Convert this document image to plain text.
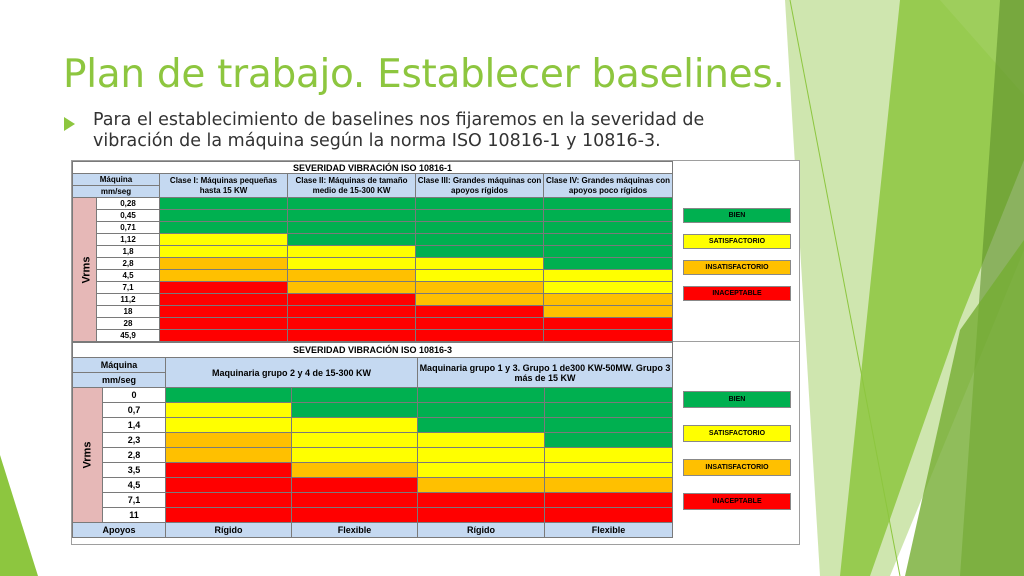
Plan de trabajo. Establecer baselines.
Para el establecimiento de baselines nos fijaremos en la severidad de vibración de la máquina según la norma ISO 10816-1 y 10816-3.
SEVERIDAD VIBRACIÓN ISO 10816-1					
Máquina		Clase I: Máquinas pequeñas hasta 15 KW	Clase II: Máquinas de tamaño medio de 15-300 KW	Clase III: Grandes máquinas con apoyos rígidos	Clase IV: Grandes máquinas con apoyos poco rígidos
mm/seg					
Vrms	0,28				
	0,45				
	0,71				
	1,12				
	1,8				
	2,8				
	4,5				
	7,1				
	11,2				
	18				
	28				
	45,9				
SEVERIDAD VIBRACIÓN ISO 10816-3					
Máquina		Maquinaria grupo 2 y 4 de 15-300 KW		Maquinaria grupo 1 y 3. Grupo 1 de300 KW-50MW. Grupo 3 más de 15 KW	
mm/seg					
Vrms	0				
	0,7				
	1,4				
	2,3				
	2,8				
	3,5				
	4,5				
	7,1				
	11				
Apoyos		Rígido	Flexible	Rígido	Flexible
BIEN
SATISFACTORIO
INSATISFACTORIO
INACEPTABLE
BIEN
SATISFACTORIO
INSATISFACTORIO
INACEPTABLE
